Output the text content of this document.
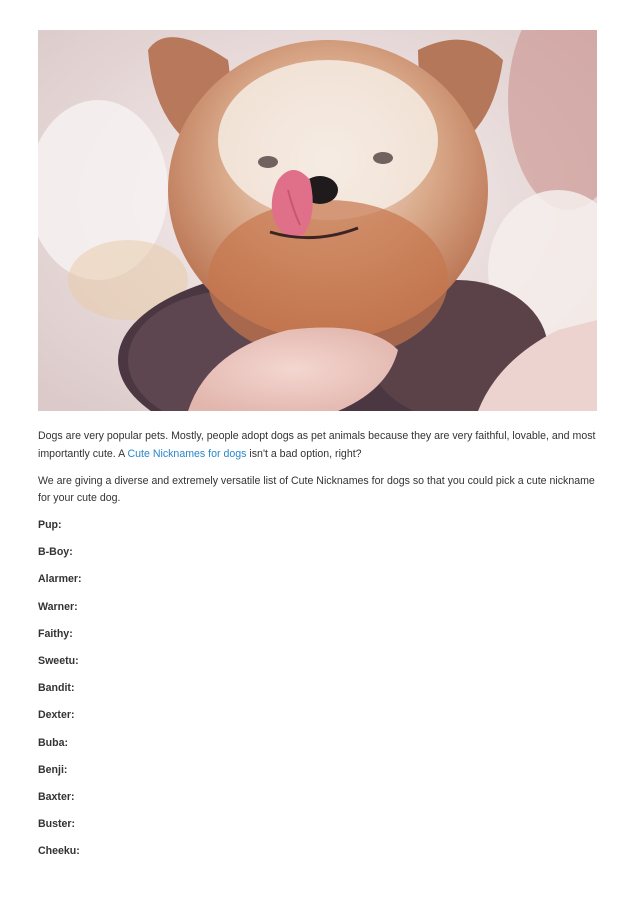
Dogs are very popular pets. Mostly, people adopt dogs as pet animals because they are very faithful, lovable, and most importantly cute. A Cute Nicknames for dogs isn't a bad option, right?

We are giving a diverse and extremely versatile list of Cute Nicknames for dogs so that you could pick a cute nickname for your cute dog.

Pup:
B-Boy:
Alarmer:
Warner:
Faithy:
Sweetu:
Bandit:
Dexter:
Buba:
Benji:
Baxter:
Buster:
Cheeku:
